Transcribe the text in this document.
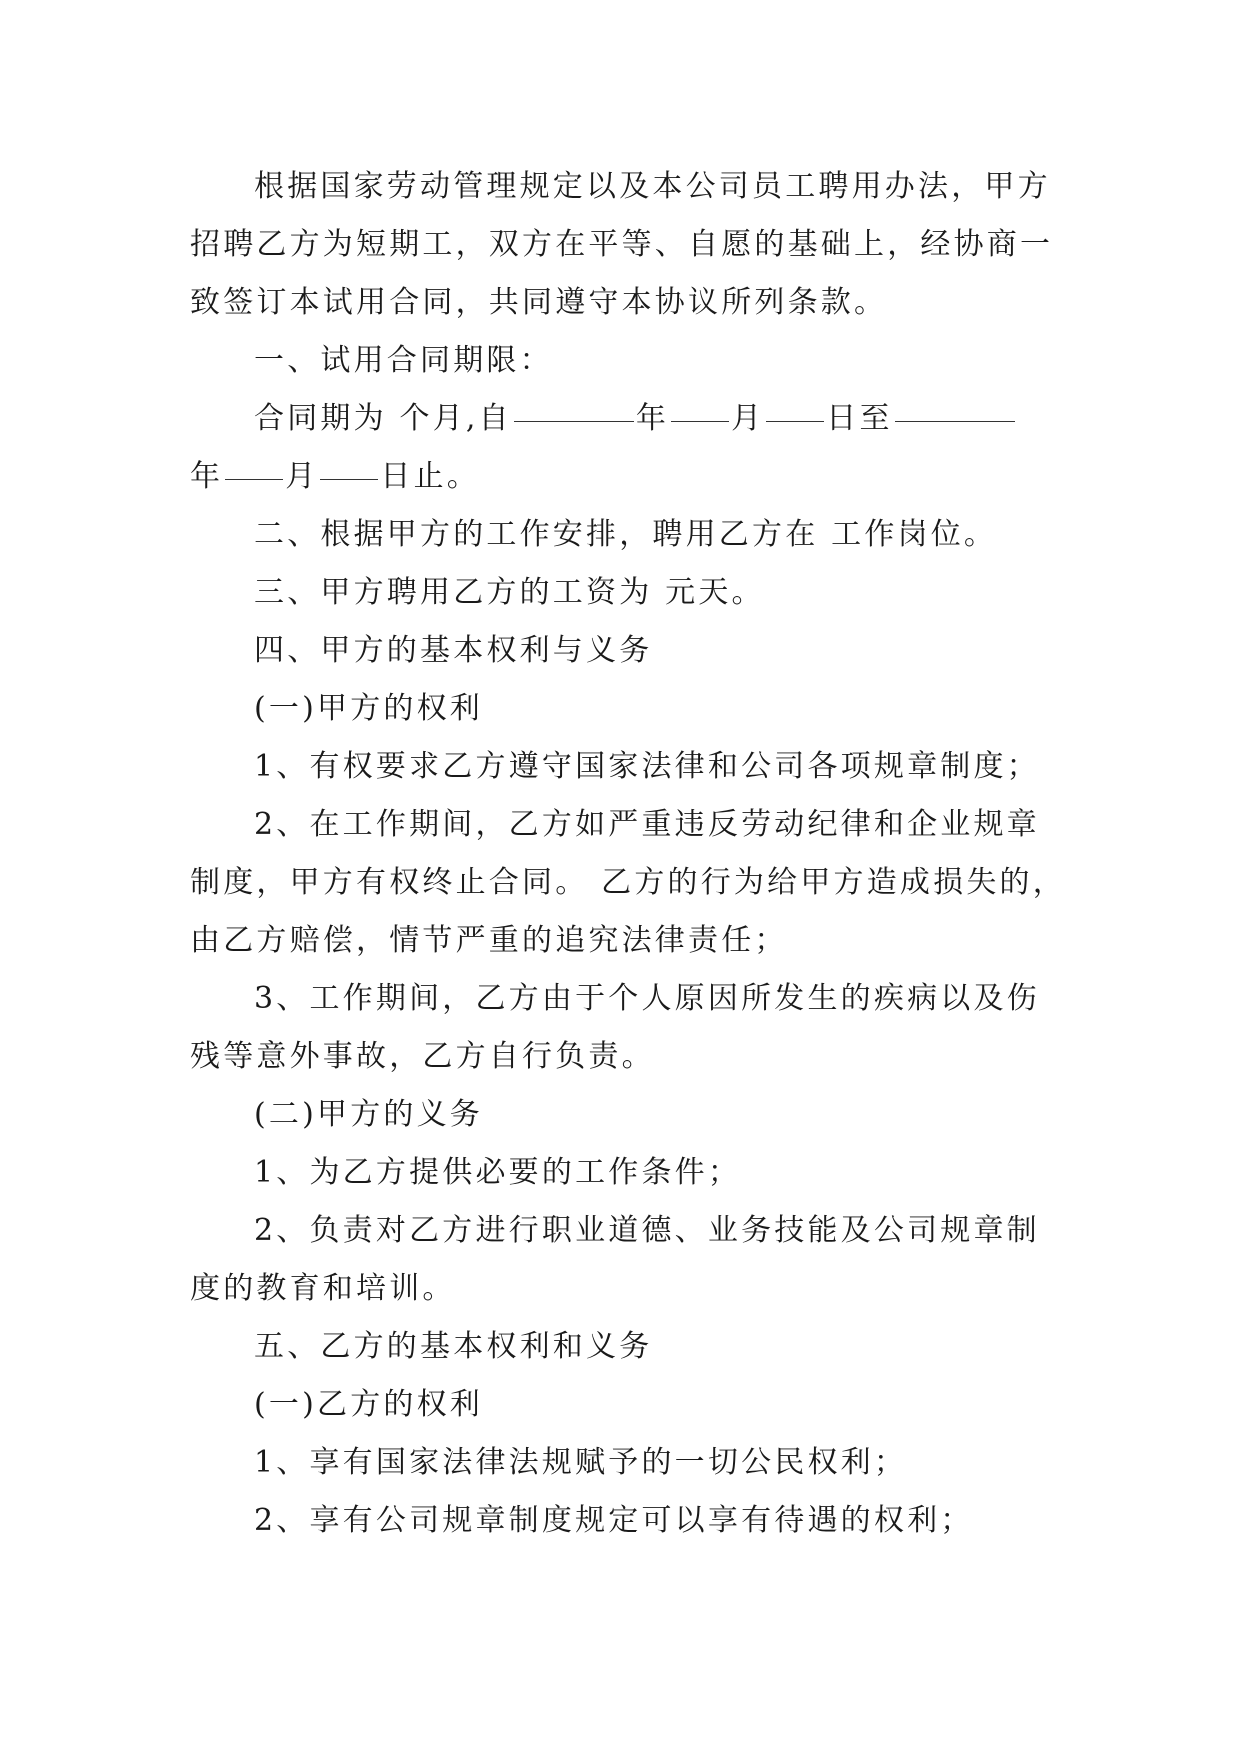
根据国家劳动管理规定以及本公司员工聘用办法，甲方
招聘乙方为短期工，双方在平等、自愿的基础上，经协商一
致签订本试用合同，共同遵守本协议所列条款。
一、试用合同期限：
合同期为 个月,自	年 月 日至
年 月 日止。
二、根据甲方的工作安排，聘用乙方在 工作岗位。
三、甲方聘用乙方的工资为 元天。
四、甲方的基本权利与义务
(一)甲方的权利
1、有权要求乙方遵守国家法律和公司各项规章制度；
2、在工作期间，乙方如严重违反劳动纪律和企业规章
制度，甲方有权终止合同。 乙方的行为给甲方造成损失的，
由乙方赔偿，情节严重的追究法律责任；
3、工作期间，乙方由于个人原因所发生的疾病以及伤
残等意外事故，乙方自行负责。
(二)甲方的义务
1、为乙方提供必要的工作条件；
2、负责对乙方进行职业道德、业务技能及公司规章制
度的教育和培训。
五、乙方的基本权利和义务
(一)乙方的权利
1、享有国家法律法规赋予的一切公民权利；
2、享有公司规章制度规定可以享有待遇的权利；
